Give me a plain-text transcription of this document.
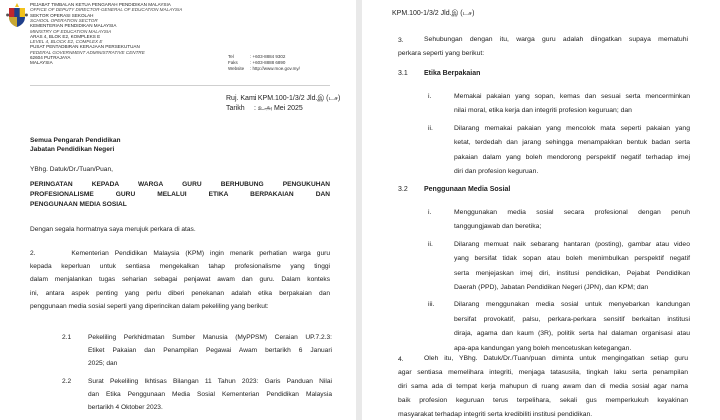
PEJABAT TIMBALAN KETUA PENGARAH PENDIDIKAN MALAYSIA
OFFICE OF DEPUTY DIRECTOR-GENERAL OF EDUCATION MALAYSIA
SEKTOR OPERASI SEKOLAH
SCHOOL OPERATION SECTOR
KEMENTERIAN PENDIDIKAN MALAYSIA
MINISTRY OF EDUCATION MALAYSIA
ARAS 4, BLOK E2, KOMPLEKS E
LEVEL 4, BLOCK E2, COMPLEX E
PUSAT PENTADBIRAN KERAJAAN PERSEKUTUAN
FEDERAL GOVERNMENT ADMINISTRATIVE CENTRE
62604 PUTRAJAYA
MALAYSIA
Tel	: +603-8884 9302
Faks	: +603-8888 6890
Website : http://www.moe.gov.my/
Ruj. Kami: KPM.100-1/3/2 Jld.இ (டச)
Tarikh : உஅ Mei 2025
Semua Pengarah Pendidikan
Jabatan Pendidikan Negeri
YBhg. Datuk/Dr./Tuan/Puan,
PERINGATAN KEPADA WARGA GURU BERHUBUNG PENGUKUHAN
PROFESIONALISME GURU MELALUI ETIKA BERPAKAIAN DAN
PENGGUNAAN MEDIA SOSIAL
Dengan segala hormatnya saya merujuk perkara di atas.
2.      Kementerian Pendidikan Malaysia (KPM) ingin menarik perhatian warga guru
kepada keperluan untuk sentiasa mengekalkan tahap profesionalisme yang tinggi
dalam menjalankan tugas seharian sebagai penjawat awam dan guru. Dalam konteks
ini, antara aspek penting yang perlu diberi penekanan adalah etika berpakaian dan
penggunaan media sosial seperti yang diperincikan dalam pekeliling yang berikut:
2.1	Pekeliling Perkhidmatan Sumber Manusia (MyPPSM) Ceraian UP.7.2.3:
Etiket Pakaian dan Penampilan Pegawai Awam bertarikh 6 Januari
2025; dan
2.2	Surat Pekeliling Ikhtisas Bilangan 11 Tahun 2023: Garis Panduan Nilai
dan Etika Penggunaan Media Sosial Kementerian Pendidikan Malaysia
bertarikh 4 Oktober 2023.
KPM.100-1/3/2 Jld.இ (டச)
3.	Sehubungan dengan itu, warga guru adalah diingatkan supaya mematuhi
perkara seperti yang berikut:
3.1 Etika Berpakaian
i.	Memakai pakaian yang sopan, kemas dan sesuai serta mencerminkan
nilai moral, etika kerja dan integriti profesion keguruan; dan
ii.	Dilarang memakai pakaian yang mencolok mata seperti pakaian yang
ketat, terdedah dan jarang sehingga menampakkan bentuk badan serta
pakaian dalam yang boleh mendorong perspektif negatif terhadap imej
diri dan profesion keguruan.
3.2 Penggunaan Media Sosial
i.	Menggunakan media sosial secara profesional dengan penuh
tanggungjawab dan beretika;
ii.	Dilarang memuat naik sebarang hantaran (posting), gambar atau video
yang bersifat tidak sopan atau boleh menimbulkan perspektif negatif
serta menjejaskan imej diri, institusi pendidikan, Pejabat Pendidikan
Daerah (PPD), Jabatan Pendidikan Negeri (JPN), dan KPM; dan
iii.	Dilarang menggunakan media sosial untuk menyebarkan kandungan
bersifat provokatif, palsu, perkara-perkara sensitif berkaitan institusi
diraja, agama dan kaum (3R), politik serta hal dalaman organisasi atau
apa-apa kandungan yang boleh mencetuskan ketegangan.
4.	Oleh itu, YBhg. Datuk/Dr./Tuan/puan diminta untuk mengingatkan setiap guru
agar sentiasa memelihara integriti, menjaga tatasusila, tingkah laku serta penampilan
diri sama ada di tempat kerja mahupun di ruang awam dan di media sosial agar nama
baik profesion keguruan terus terpelihara, sekali gus memperkukuh keyakinan
masyarakat terhadap integriti serta kredibiliti institusi pendidikan.
